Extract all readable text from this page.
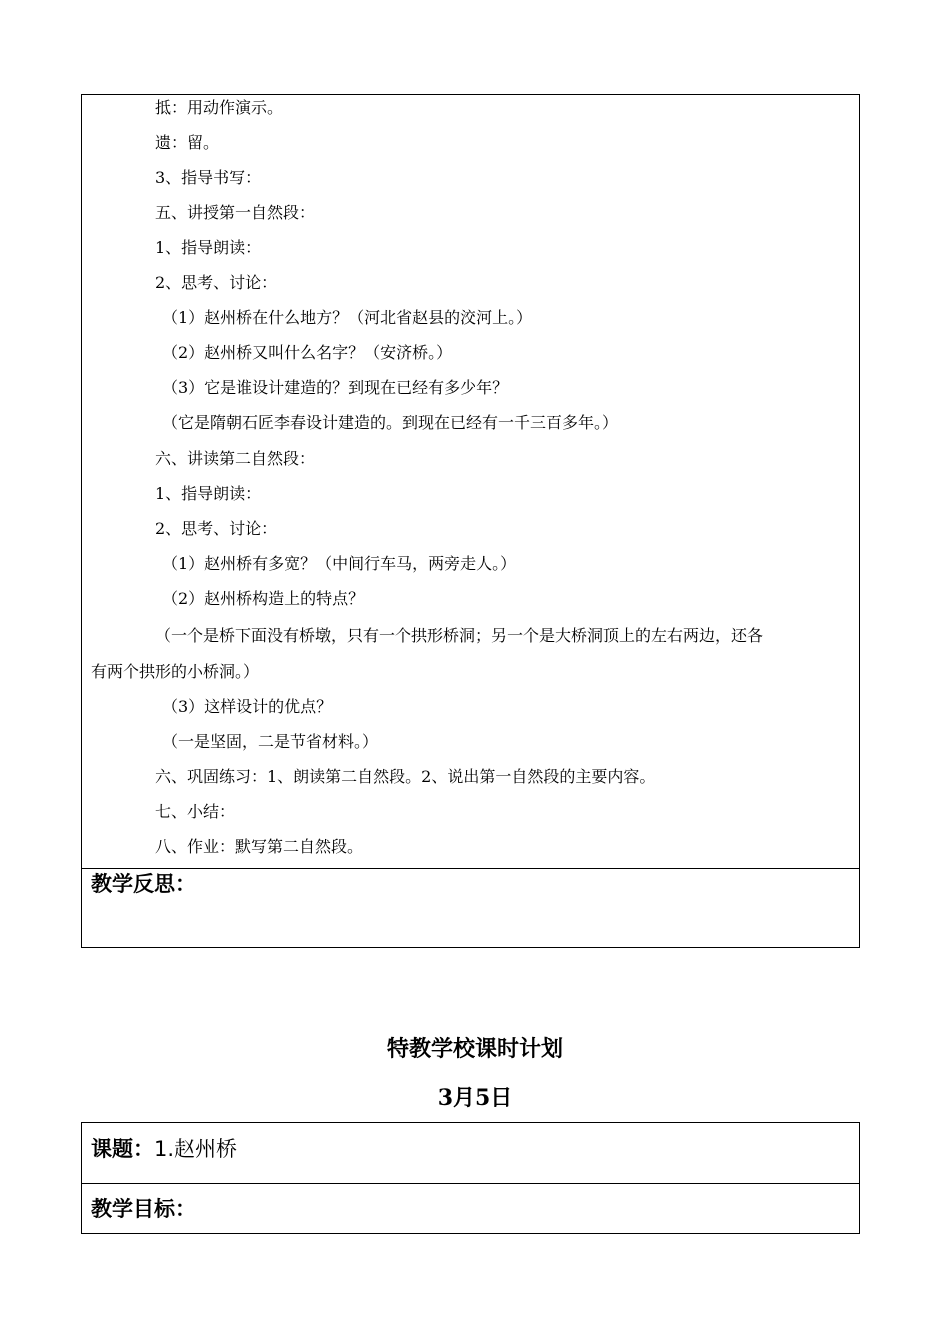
抵：用动作演示。
遗：留。
3、指导书写：
五、讲授第一自然段：
1、指导朗读：
2、思考、讨论：
（1）赵州桥在什么地方？（河北省赵县的洨河上。）
（2）赵州桥又叫什么名字？（安济桥。）
（3）它是谁设计建造的？到现在已经有多少年？
（它是隋朝石匠李春设计建造的。到现在已经有一千三百多年。）
六、讲读第二自然段：
1、指导朗读：
2、思考、讨论：
（1）赵州桥有多宽？（中间行车马，两旁走人。）
（2）赵州桥构造上的特点？
（一个是桥下面没有桥墩，只有一个拱形桥洞；另一个是大桥洞顶上的左右两边，还各
有两个拱形的小桥洞。）
（3）这样设计的优点？
（一是坚固，二是节省材料。）
六、巩固练习：1、朗读第二自然段。2、说出第一自然段的主要内容。
七、小结：
八、作业：默写第二自然段。
教学反思：
特教学校课时计划
3月5日
课题：1.赵州桥
教学目标：
